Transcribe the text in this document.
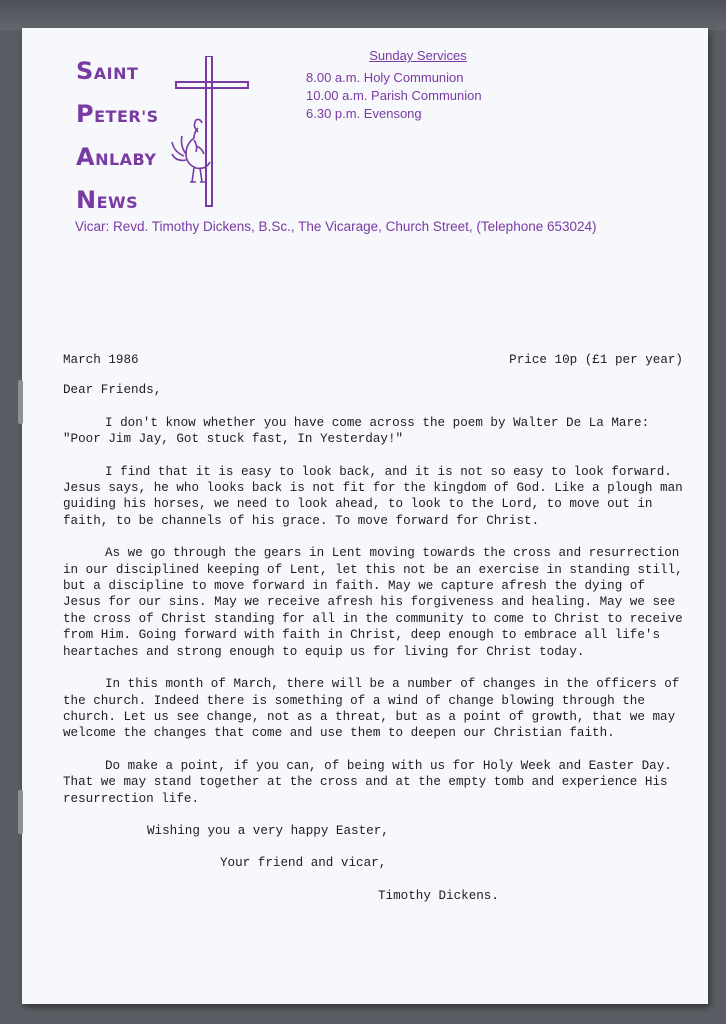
SAINT
PETER'S
ANLABY
NEWS
Sunday Services
8.00 a.m. Holy Communion
10.00 a.m. Parish Communion
6.30 p.m. Evensong
Vicar: Revd. Timothy Dickens, B.Sc., The Vicarage, Church Street, (Telephone 653024)
March 1986	Price 10p (£1 per year)

Dear Friends,

I don't know whether you have come across the poem by Walter De La Mare: "Poor Jim Jay, Got stuck fast, In Yesterday!"

I find that it is easy to look back, and it is not so easy to look forward. Jesus says, he who looks back is not fit for the kingdom of God. Like a plough man guiding his horses, we need to look ahead, to look to the Lord, to move out in faith, to be channels of his grace. To move forward for Christ.

As we go through the gears in Lent moving towards the cross and resurrection in our disciplined keeping of Lent, let this not be an exercise in standing still, but a discipline to move forward in faith. May we capture afresh the dying of Jesus for our sins. May we receive afresh his forgiveness and healing. May we see the cross of Christ standing for all in the community to come to Christ to receive from Him. Going forward with faith in Christ, deep enough to embrace all life's heartaches and strong enough to equip us for living for Christ today.

In this month of March, there will be a number of changes in the officers of the church. Indeed there is something of a wind of change blowing through the church. Let us see change, not as a threat, but as a point of growth, that we may welcome the changes that come and use them to deepen our Christian faith.

Do make a point, if you can, of being with us for Holy Week and Easter Day. That we may stand together at the cross and at the empty tomb and experience His resurrection life.

Wishing you a very happy Easter,

Your friend and vicar,

Timothy Dickens.
